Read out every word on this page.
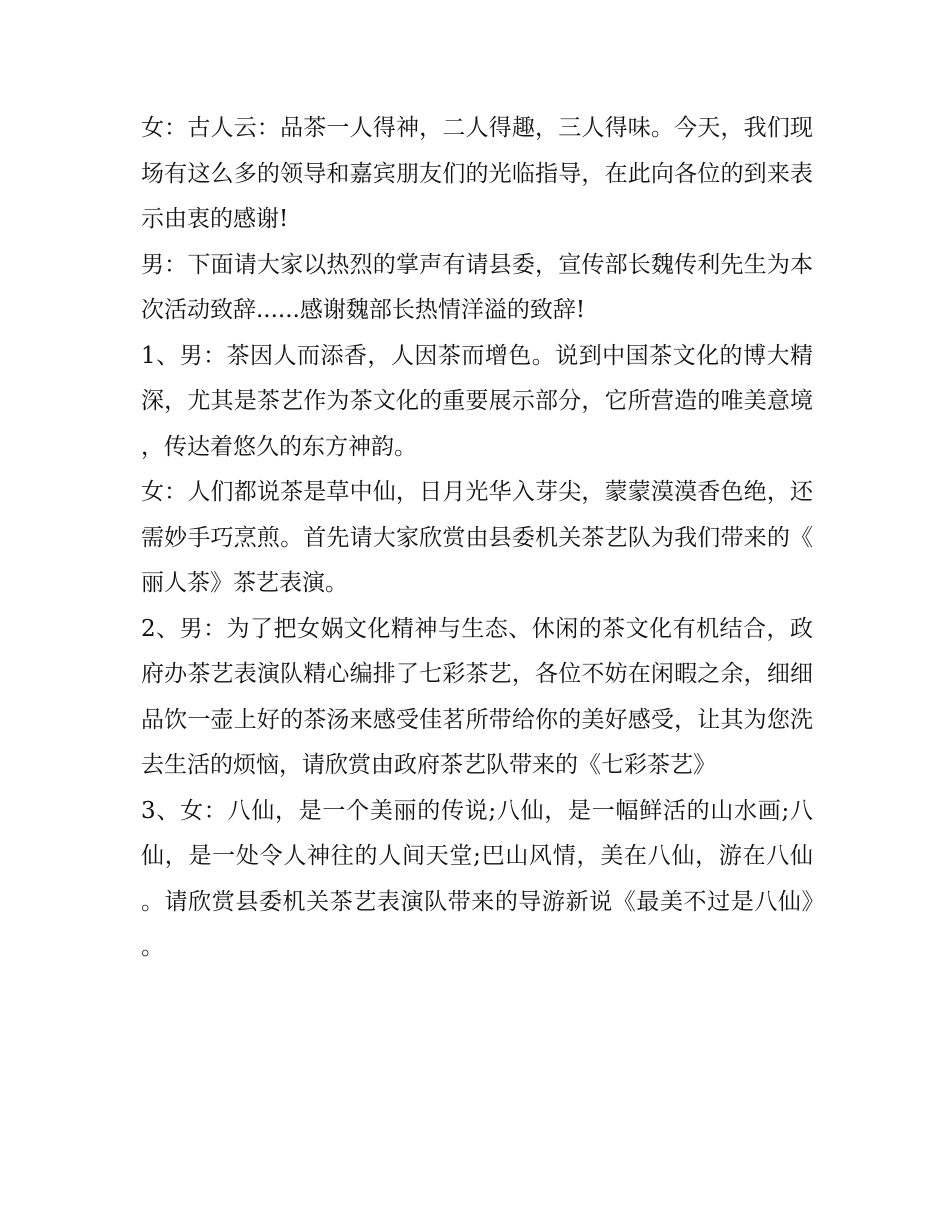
女：古人云：品茶一人得神，二人得趣，三人得味。今天，我们现场有这么多的领导和嘉宾朋友们的光临指导，在此向各位的到来表示由衷的感谢!

男：下面请大家以热烈的掌声有请县委，宣传部长魏传利先生为本次活动致辞......感谢魏部长热情洋溢的致辞!

1、男：茶因人而添香，人因茶而增色。说到中国茶文化的博大精深，尤其是茶艺作为茶文化的重要展示部分，它所营造的唯美意境，传达着悠久的东方神韵。

女：人们都说茶是草中仙，日月光华入芽尖，蒙蒙漠漠香色绝，还需妙手巧烹煎。首先请大家欣赏由县委机关茶艺队为我们带来的《丽人茶》茶艺表演。

2、男：为了把女娲文化精神与生态、休闲的茶文化有机结合，政府办茶艺表演队精心编排了七彩茶艺，各位不妨在闲暇之余，细细品饮一壶上好的茶汤来感受佳茗所带给你的美好感受，让其为您洗去生活的烦恼，请欣赏由政府茶艺队带来的《七彩茶艺》

3、女：八仙，是一个美丽的传说;八仙，是一幅鲜活的山水画;八仙，是一处令人神往的人间天堂;巴山风情，美在八仙，游在八仙。请欣赏县委机关茶艺表演队带来的导游新说《最美不过是八仙》。
